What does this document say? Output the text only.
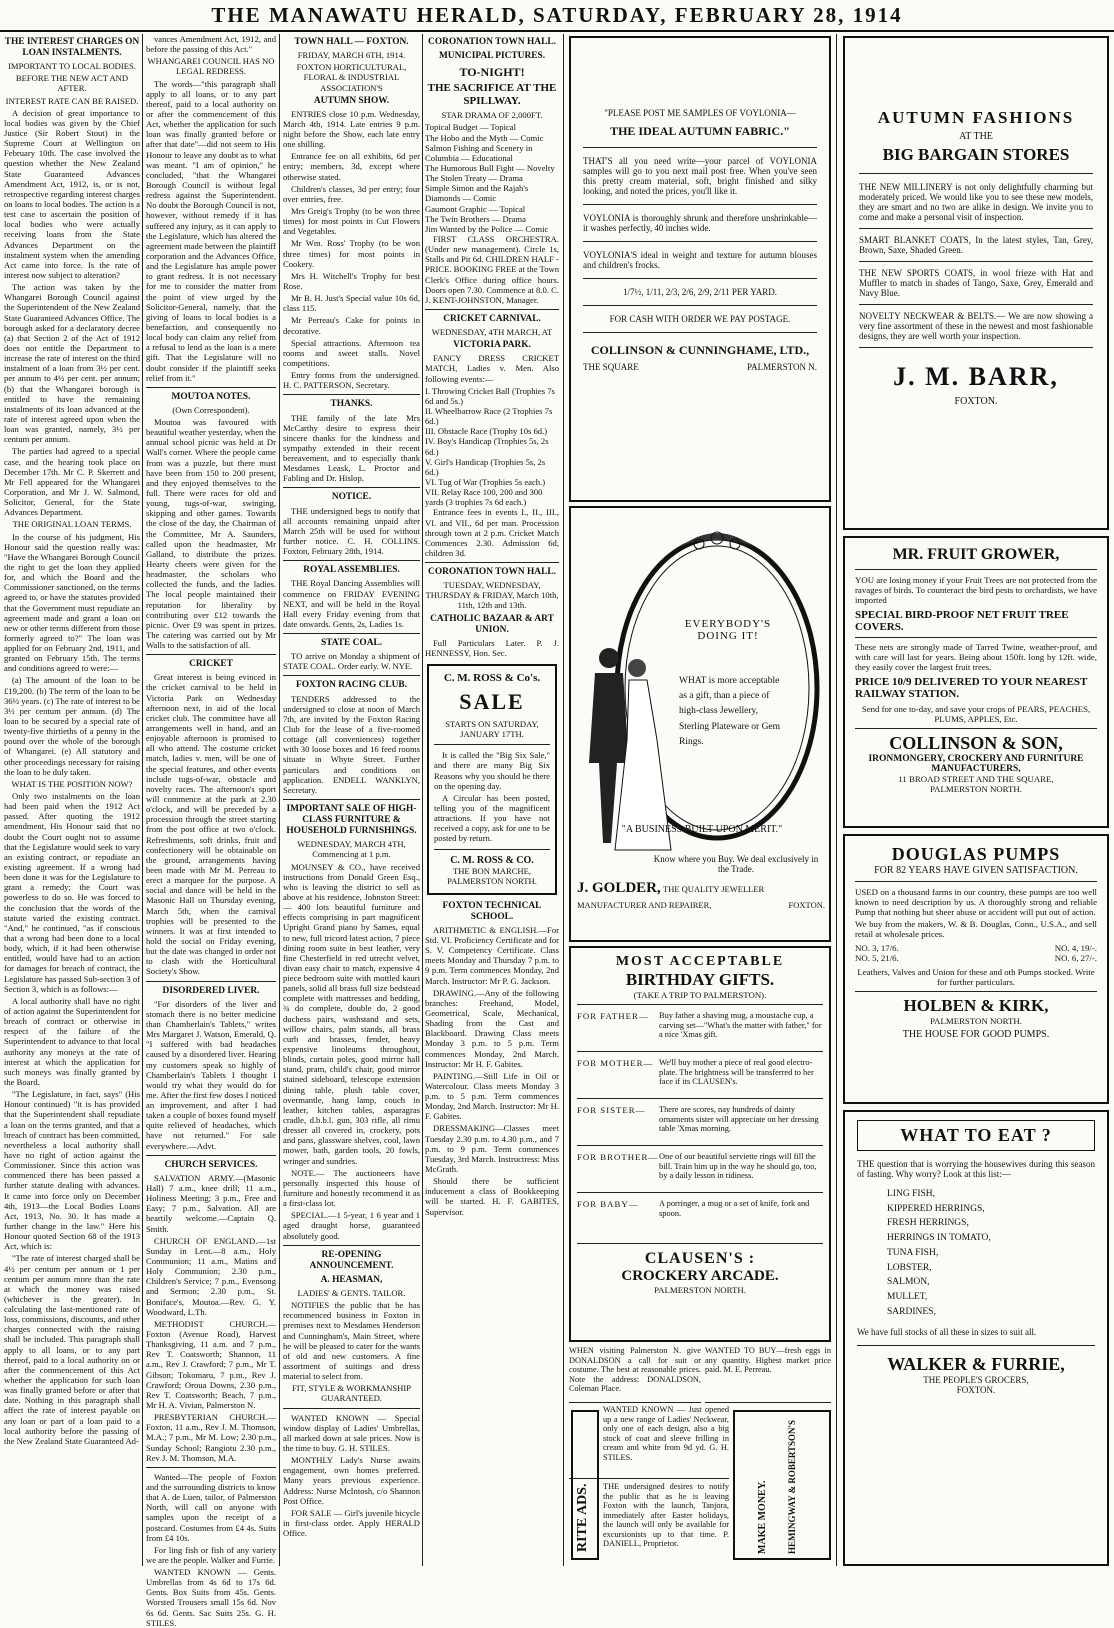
THE MANAWATU HERALD, SATURDAY, FEBRUARY 28, 1914
THE INTEREST CHARGES ON LOAN INSTALMENTS.
IMPORTANT TO LOCAL BODIES.
BEFORE THE NEW ACT AND AFTER.
INTEREST RATE CAN BE RAISED.

A decision of great importance to local bodies was given by the Chief Justice (Sir Robert Stout) in the Supreme Court at Wellington on February 10th. The case involved the question whether the New Zealand State Guaranteed Advances Amendment Act, 1912, is, or is not, retrospective regarding interest charges on loans to local bodies. The action is a test case to ascertain the position of local bodies who were actually receiving loans from the State Advances Department on the instalment system when the amending Act came into force. Is the rate of interest now subject to alteration?

The action was taken by the Whangarei Borough Council against the Superintendent of the New Zealand State Guaranteed Advances Office. The borough asked for a declaratory decree (a) that Section 2 of the Act of 1912 does not entitle the Department to increase the rate of interest on the third instalment of a loan from 3½ per cent. per annum to 4½ per cent. per annum; (b) that the Whangarei borough is entitled to have the remaining instalments of its loan advanced at the rate of interest agreed upon when the loan was granted, namely, 3½ per centum per annum.

The parties had agreed to a special case, and the hearing took place on December 17th. Mr C. P. Skerrett and Mr Fell appeared for the Whangarei Corporation, and Mr J. W. Salmond, Solicitor, General, for the State Advances Department.

THE ORIGINAL LOAN TERMS.

In the course of his judgment, His Honour said the question really was: "Have the Whangarei Borough Council the right to get the loan they applied for, and which the Board and the Commissioner sanctioned, on the terms agreed to, or have the statutes provided that the Government must repudiate an agreement made and grant a loan on new or other terms different from those formerly agreed to?" The loan was applied for on February 2nd, 1911, and granted on February 15th. The terms and conditions agreed to were:—

(a) The amount of the loan to be £19,200. (b) The term of the loan to be 36½ years. (c) The rate of interest to be 3½ per centum per annum. (d) The loan to be secured by a special rate of twenty-five thirtieths of a penny in the pound over the whole of the borough of Whangarei. (e) All statutory and other proceedings necessary for raising the loan to be duly taken.

WHAT IS THE POSITION NOW?

Only two instalments on the loan had been paid when the 1912 Act passed. After quoting the 1912 amendment, His Honour said that no doubt the Court ought not to assume that the Legislature would seek to vary an existing contract, or repudiate an existing agreement. If a wrong had been done it was for the Legislature to grant a remedy; the Court was powerless to do so. He was forced to the conclusion that the words of the statute varied the existing contract. "And," he continued, "as if conscious that a wrong had been done to a local body, which, if it had been otherwise entitled, would have had to an action for damages for breach of contract, the Legislature has passed Sub-section 3 of Section 3, which is as follows:—

A local authority shall have no right of action against the Superintendent for breach of contract or otherwise in respect of the failure of the Superintendent to advance to that local authority any moneys at the rate of interest at which the application for such moneys was finally granted by the Board.

"The Legislature, in fact, says" (His Honour continued) "it is has provided that the Superintendent shall repudiate a loan on the terms granted, and that a breach of contract has been committed, nevertheless a local authority shall have no right of action against the Commissioner. Since this action was commenced there has been passed a further statute dealing with advances. It came into force only on December 4th, 1913—the Local Bodies Loans Act, 1913, No. 30. It has made a further change in the law." Here his Honour quoted Section 68 of the 1913 Act, which is:

"The rate of interest charged shall be 4½ per centum per annum or 1 per centum per annum more than the rate at which the money was raised (whichever is the greater). In calculating the last-mentioned rate of loss, commissions, discounts, and other charges connected with the raising shall be included. This paragraph shall apply to all loans, or to any part thereof, paid to a local authority on or after the commencement of this Act whether the application for such loan was finally granted before or after that date. Nothing in this paragraph shall affect the rate of interest payable on any loan or part of a loan paid to a local authority before the passing of the New Zealand State Guaranteed Ad-

vances Amendment Act, 1912, and before the passing of this Act."

WHANGAREI COUNCIL HAS NO LEGAL REDRESS.

The words—"this paragraph shall apply to all loans, or to any part thereof, paid to a local authority on or after the commencement of this Act, whether the application for such loan was finally granted before or after that date"—did not seem to His Honour to leave any doubt as to what was meant. "I am of opinion," he concluded, "that the Whangarei Borough Council is without legal redress against the Superintendent. No doubt the Borough Council is not, however, without remedy if it has suffered any injury, as it can apply to the Legislature, which has altered the agreement made between the plaintiff corporation and the Advances Office, and the Legislature has ample power to grant redress. It is not necessary for me to consider the matter from the point of view urged by the Solicitor-General, namely, that the giving of loans to local bodies is a benefaction, and consequently no local body can claim any relief from a refusal to lend as the loan is a mere gift. That the Legislature will no doubt consider if the plaintiff seeks relief from it."

MOUTOA NOTES.
(Own Correspondent).

Moutoa was favoured with beautiful weather yesterday, when the annual school picnic was held at Dr Wall's corner. Where the people came from was a puzzle, but there must have been from 150 to 200 present, and they enjoyed themselves to the full. There were races for old and young, tugs-of-war, swinging, skipping and other games. Towards the close of the day, the Chairman of the Committee, Mr A. Saunders, called upon the headmaster, Mr Galland, to distribute the prizes. Hearty cheers were given for the headmaster, the scholars who collected the funds, and the ladies. The local people maintained their reputation for liberality by contributing over £12 towards the picnic. Over £9 was spent in prizes. The catering was carried out by Mr Walls to the satisfaction of all.

CRICKET

Great interest is being evinced in the cricket carnival to be held in Victoria Park on Wednesday afternoon next, in aid of the local cricket club. The committee have all arrangements well in hand, and an enjoyable afternoon is promised to all who attend. The costume cricket match, ladies v. men, will be one of the special features, and other events include tugs-of-war, obstacle and novelty races. The afternoon's sport will commence at the park at 2.30 o'clock, and will be preceded by a procession through the street starting from the post office at two o'clock. Refreshments, soft drinks, fruit and confectionery will be obtainable on the ground, arrangements having been made with Mr M. Perreau to erect a marquee for the purpose. A social and dance will be held in the Masonic Hall on Thursday evening, March 5th, when the carnival trophies will be presented to the winners. It was at first intended to hold the social on Friday evening, but the date was changed in order not to clash with the Horticultural Society's Show.

DISORDERED LIVER.

"For disorders of the liver and stomach there is no better medicine than Chamberlain's Tablets," writes Mrs Margaret J. Watson, Emerald, Q. "I suffered with bad headaches caused by a disordered liver. Hearing my customers speak so highly of Chamberlain's Tablets I thought I would try what they would do for me. After the first few doses I noticed an improvement, and after I had taken a couple of boxes found myself quite relieved of headaches, which have not returned." For sale everywhere.—Advt.

CHURCH SERVICES.

SALVATION ARMY.—(Masonic Hall) 7 a.m., knee drill; 11 a.m., Holiness Meeting; 3 p.m., Free and Easy; 7 p.m., Salvation. All are heartily welcome.—Captain Q. Smith.

CHURCH OF ENGLAND.—1st Sunday in Lent.—8 a.m., Holy Communion; 11 a.m., Matins and Holy Communion; 2.30 p.m., Children's Service; 7 p.m., Evensong and Sermon; 2.30 p.m., St. Boniface's, Moutoa.—Rev. G. Y. Woodward, L.Th.

METHODIST CHURCH.—Foxton (Avenue Road), Harvest Thanksgiving, 11 a.m. and 7 p.m., Rev T. Coatsworth; Shannon, 11 a.m., Rev J. Crawford; 7 p.m., Mr T. Gibson; Tokomaru, 7 p.m., Rev J. Crawford; Oroua Downs, 2.30 p.m., Rev T. Coatsworth; Beach, 7 p.m., Mr H. A. Vivian, Palmerston N.

PRESBYTERIAN CHURCH.—Foxton, 11 a.m., Rev J. M. Thomson, M.A.; 7 p.m., Mr M. Low; 2.30 p.m., Sunday School; Rangiotu 2.30 p.m., Rev J. M. Thomson, M.A.

Wanted—The people of Foxton and the surrounding districts to know that A. de Luen, tailor, of Palmerston North, will call on anyone with samples upon the receipt of a postcard. Costumes from £4 4s. Suits from £4 10s.

For ling fish or fish of any variety we are the people. Walker and Furrie.

WANTED KNOWN — Gents. Umbrellas from 4s 6d to 17s 6d. Gents. Box Suits from 45s. Gents. Worsted Trousers small 15s 6d. Nov 6s 6d. Gents. Sac Suits 25s. G. H. STILES.

TOWN HALL — FOXTON.
FRIDAY, MARCH 6TH, 1914.
FOXTON HORTICULTURAL, FLORAL & INDUSTRIAL ASSOCIATION'S
AUTUMN SHOW.

ENTRIES close 10 p.m. Wednesday, March 4th, 1914. Late entries 9 p.m. night before the Show, each late entry one shilling.

Entrance fee on all exhibits, 6d per entry; members, 3d, except where otherwise stated.

Children's classes, 3d per entry; four over entries, free.

Mrs Greig's Trophy (to be won three times) for most points in Cut Flowers and Vegetables.

Mr Wm. Ross' Trophy (to be won three times) for most points in Cookery.

Mrs H. Witchell's Trophy for best Rose.

Mr B. H. Just's Special value 10s 6d, class 115.

Mr Perreau's Cake for points in decorative.

Special attractions. Afternoon tea rooms and sweet stalls. Novel competitions.

Entry forms from the undersigned. H. C. PATTERSON, Secretary.

THANKS.

THE family of the late Mrs McCarthy desire to express their sincere thanks for the kindness and sympathy extended in their recent bereavement, and to especially thank Mesdames Leask, L. Proctor and Fabling and Dr. Hislop.

NOTICE.

THE undersigned begs to notify that all accounts remaining unpaid after March 25th will be used for without further notice. C. H. COLLINS. Foxton, February 28th, 1914.

ROYAL ASSEMBLIES.

THE Royal Dancing Assemblies will commence on FRIDAY EVENING NEXT, and will be held in the Royal Hall every Friday evening from that date onwards. Gents, 2s, Ladies 1s.

STATE COAL.

TO arrive on Monday a shipment of STATE COAL. Order early. W. NYE.

FOXTON RACING CLUB.

TENDERS addressed to the undersigned to close at noon of March 7th, are invited by the Foxton Racing Club for the lease of a five-roomed cottage (all conveniences) together with 30 loose boxes and 16 feed rooms situate in Whyte Street. Further particulars and conditions on application. ENDELL WANKLYN, Secretary.

IMPORTANT SALE OF HIGH-CLASS FURNITURE & HOUSEHOLD FURNISHINGS.
WEDNESDAY, MARCH 4TH, Commencing at 1 p.m.

MOUNSEY & CO., have received instructions from Donald Green Esq., who is leaving the district to sell as above at his residence, Johnston Street:— 400 lots beautiful furniture and effects comprising in part magnificent Upright Grand piano by Sames, equal to new, full tricord latest action, 7 piece dining room suite in best leather, very fine Chesterfield in red utrecht velvet, divan easy chair to match, expensive 4 piece bedroom suite with mottled kauri panels, solid all brass full size bedstead complete with mattresses and bedding, ¾ do complete, double do, 2 good duchess pairs, washstand and sets, willow chairs, palm stands, all brass curb and brasses, fender, heavy expensive linoleums throughout, blinds, curtain poles, good mirror hall stand, pram, child's chair, good mirror stained sideboard, telescope extension dining table, plush table cover, overmantle, hang lamp, couch in leather, kitchen tables, asparagras cradle, d.b.b.l. gun, 303 rifle, all rimu dresser all covered in, crockery, pots and pans, glassware shelves, cool, lawn mower, bath, garden tools, 20 fowls, wringer and sundries.

NOTE.— The auctioneers have personally inspected this house of furniture and honestly recommend it as a first-class lot.

SPECIAL.—1 5-year, 1 6 year and 1 aged draught horse, guaranteed absolutely good.

RE-OPENING ANNOUNCEMENT.
A. HEASMAN,
LADIES' & GENTS. TAILOR.

NOTIFIES the public that he has recommenced business in Foxton in premises next to Mesdames Henderson and Cunningham's, Main Street, where he will be pleased to cater for the wants of old and new customers. A fine assortment of suitings and dress material to select from.

FIT, STYLE & WORKMANSHIP GUARANTEED.

WANTED KNOWN — Special window display of Ladies' Umbrellas, all marked down at sale prices. Now is the time to buy. G. H. STILES.

MONTHLY Lady's Nurse awaits engagement, own homes preferred. Many years previous experience. Address: Nurse McIntosh, c/o Shannon Post Office.

FOR SALE — Girl's juvenile bicycle in first-class order. Apply HERALD Office.

CORONATION TOWN HALL.
MUNICIPAL PICTURES.
TO-NIGHT!
THE SACRIFICE AT THE SPILLWAY.
STAR DRAMA OF 2,000FT.
Topical Budget — Topical
The Hobo and the Myth — Comic
Salmon Fishing and Scenery in Columbia — Educational
The Humorous Bull Fight — Novelty
The Stolen Treaty — Drama
Simple Simon and the Rajah's Diamonds — Comic
Gaumont Graphic — Topical
The Twin Brothers — Drama
Jim Wanted by the Police — Comic

FIRST CLASS ORCHESTRA. (Under new management). Circle 1s, Stalls and Pit 6d. CHILDREN HALF - PRICE. BOOKING FREE at the Town Clerk's Office during office hours. Doors open 7.30. Commence at 8.0. C. J. KENT-JOHNSTON, Manager.

CRICKET CARNIVAL.
WEDNESDAY, 4TH MARCH, AT
VICTORIA PARK.

FANCY DRESS CRICKET MATCH, Ladies v. Men. Also following events:—

I. Throwing Cricket Ball (Trophies 7s 6d and 5s.)
II. Wheelbarrow Race (2 Trophies 7s 6d.)
III. Obstacle Race (Trophy 10s 6d.)
IV. Boy's Handicap (Trophies 5s, 2s 6d.)
V. Girl's Handicap (Trophies 5s, 2s 6d.)
VI. Tug of War (Trophies 5s each.)
VII. Relay Race 100, 200 and 300 yards (3 trophies 7s 6d each.)

Entrance fees in events I., II., III., VI. and VII., 6d per man. Procession through town at 2 p.m. Cricket Match Commences 2.30. Admission 6d, children 3d.

CORONATION TOWN HALL.
TUESDAY, WEDNESDAY, THURSDAY & FRIDAY, March 10th, 11th, 12th and 13th.
CATHOLIC BAZAAR & ART UNION.

Full Particulars Later. P. J. HENNESSY, Hon. Sec.

C. M. ROSS & Co's.
SALE
STARTS ON SATURDAY, JANUARY 17TH.

It is called the "Big Six Sale," and there are many Big Six Reasons why you should be there on the opening day.

A Circular has been posted, telling you of the magnificent attractions. If you have not received a copy, ask for one to be posted by return.

C. M. ROSS & CO.
THE BON MARCHE,
PALMERSTON NORTH.
FOXTON TECHNICAL SCHOOL.

ARITHMETIC & ENGLISH.—For Std. VI. Proficiency Certificate and for S. V. Competency Certificate. Class meets Monday and Thursday 7 p.m. to 9 p.m. Term commences Monday, 2nd March. Instructor: Mr P. G. Jackson.

DRAWING.—Any of the following branches: Freehand, Model, Geometrical, Scale, Mechanical, Shading from the Cast and Blackboard. Drawing Class meets Monday 3 p.m. to 5 p.m. Term commences Monday, 2nd March. Instructor: Mr H. F. Gabites.

PAINTING.—Still Life in Oil or Watercolour. Class meets Monday 3 p.m. to 5 p.m. Term commences Monday, 2nd March. Instructor: Mr H. F. Gabites.

DRESSMAKING—Classes meet Tuesday 2.30 p.m. to 4.30 p.m., and 7 p.m. to 9 p.m. Term commences Tuesday, 3rd March. Instructress: Miss McGrath.

Should there be sufficient inducement a class of Bookkeeping will be started. H. F. GABITES, Supervisor.

"PLEASE POST ME SAMPLES OF VOYLONIA—
THE IDEAL AUTUMN FABRIC."

THAT'S all you need write—your parcel of VOYLONIA samples will go to you next mail post free. When you've seen this pretty cream material, soft, bright finished and silky looking, and noted the prices, you'll like it.

VOYLONIA is thoroughly shrunk and therefore unshrinkable—it washes perfectly, 40 inches wide.

VOYLONIA'S ideal in weight and texture for autumn blouses and children's frocks.

1/7½, 1/11, 2/3, 2/6, 2/9, 2/11 PER YARD.
FOR CASH WITH ORDER WE PAY POSTAGE.
COLLINSON & CUNNINGHAME, LTD.,
THE SQUARE	PALMERSTON N.
EVERYBODY'S DOING IT!
WHAT is more acceptable as a gift, than a piece of high-class Jewellery, Sterling Plateware or Gem Rings.
"A BUSINESS BUILT UPON MERIT."
Know where you Buy. We deal exclusively in the Trade.
J. GOLDER, THE QUALITY JEWELLER
MANUFACTURER AND REPAIRER,	FOXTON.
MOST ACCEPTABLE
BIRTHDAY GIFTS.
(TAKE A TRIP TO PALMERSTON).
FOR FATHER—	Buy father a shaving mug, a moustache cup, a carving set—"What's the matter with father," for a nice 'Xmas gift.
FOR MOTHER— We'll buy mother a piece of real good electro-plate. The brightness will be transferred to her face if its CLAUSEN's.
FOR SISTER—	There are scores, nay hundreds of dainty ornaments sister will appreciate on her dressing table 'Xmas morning.
FOR BROTHER— One of our beautiful serviette rings will fill the bill. Train him up in the way he should go, too, by a daily lesson in tidiness.
FOR BABY—	A porringer, a mug or a set of knife, fork and spoon.
CLAUSEN'S :
CROCKERY ARCADE.
PALMERSTON NORTH.
WHEN visiting Palmerston N. give DONALDSON a call for suit or costume. The best at reasonable prices. Note the address: DONALDSON, Coleman Place.
WANTED TO BUY—fresh eggs in any quantity. Highest market price paid. M. E. Perreau.
WANTED KNOWN — Just opened up a new range of Ladies' Neckwear, only one of each design, also a big stock of coat and sleeve frilling in cream and white from 9d yd. G. H. STILES.
THE undersigned desires to notify the public that as he is leaving Foxton with the launch, Tanjora, immediately after Easter holidays, the launch will only be available for excursionists up to that time. P. DANIELL, Proprietor.
RITE ADS.	MAKE MONEY. HEMINGWAY & ROBERTSON'S
AUTUMN FASHIONS
AT THE
BIG BARGAIN STORES

THE NEW MILLINERY is not only delightfully charming but moderately priced. We would like you to see these new models, they are smart and no two are alike in design. We invite you to come and make a personal visit of inspection.

SMART BLANKET COATS, In the latest styles, Tan, Grey, Brown, Saxe, Shaded Green.

THE NEW SPORTS COATS, in wool frieze with Hat and Muffler to match in shades of Tango, Saxe, Grey, Emerald and Navy Blue.

NOVELTY NECKWEAR & BELTS.— We are now showing a very fine assortment of these in the newest and most fashionable designs, they are well worth your inspection.

J. M. BARR,
FOXTON.
MR. FRUIT GROWER,

YOU are losing money if your Fruit Trees are not protected from the ravages of birds. To counteract the bird pests to orchardists, we have imported

SPECIAL BIRD-PROOF NET FRUIT TREE COVERS.

These nets are strongly made of Tarred Twine, weather-proof, and with care will last for years. Being about 150ft. long by 12ft. wide, they easily cover the largest fruit trees.

PRICE 10/9 DELIVERED TO YOUR NEAREST RAILWAY STATION.

Send for one to-day, and save your crops of PEARS, PEACHES, PLUMS, APPLES, Etc.

COLLINSON & SON,
IRONMONGERY, CROCKERY AND FURNITURE MANUFACTURERS,
11 BROAD STREET AND THE SQUARE,
PALMERSTON NORTH.
DOUGLAS PUMPS
FOR 82 YEARS HAVE GIVEN SATISFACTION.

USED on a thousand farms in our country, these pumps are too well known to need description by us. A thoroughly strong and reliable Pump that nothing but sheer abuse or accident will put out of action.

We buy from the makers, W. & B. Douglas, Conn., U.S.A., and sell retail at wholesale prices.

NO. 3, 17/6.	NO. 4, 19/-.
NO. 5, 21/6.	NO. 6, 27/-.

Leathers, Valves and Union for these and oth Pumps stocked. Write for further particulars.

HOLBEN & KIRK,
PALMERSTON NORTH.
THE HOUSE FOR GOOD PUMPS.
WHAT TO EAT ?

THE question that is worrying the housewives during this season of fasting. Why worry? Look at this list:—

LING FISH,
KIPPERED HERRINGS,
FRESH HERRINGS,
HERRINGS IN TOMATO,
TUNA FISH,
LOBSTER,
SALMON,
MULLET,
SARDINES,

We have full stocks of all these in sizes to suit all.

WALKER & FURRIE,
THE PEOPLE'S GROCERS,
FOXTON.
